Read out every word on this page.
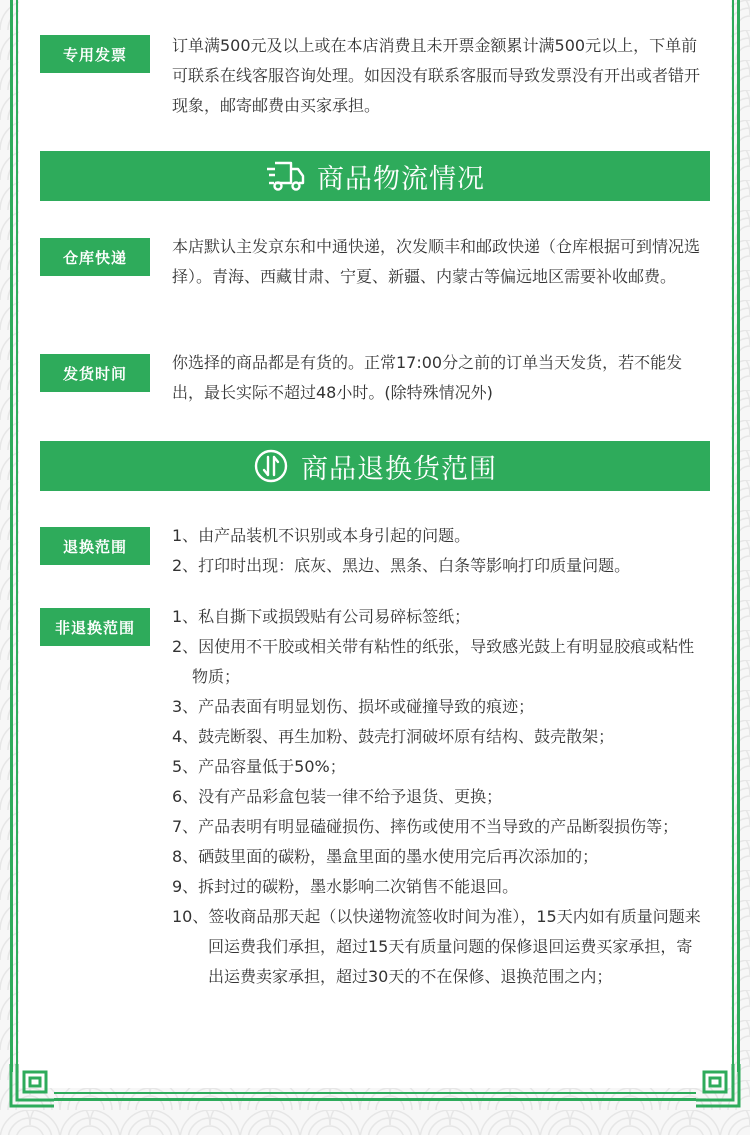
专用发票	订单满500元及以上或在本店消费且未开票金额累计满500元以上，下单前可联系在线客服咨询处理。如因没有联系客服而导致发票没有开出或者错开现象，邮寄邮费由买家承担。
商品物流情况
仓库快递
本店默认主发京东和中通快递，次发顺丰和邮政快递（仓库根据可到情况选择）。青海、西藏甘肃、宁夏、新疆、内蒙古等偏远地区需要补收邮费。
发货时间
你选择的商品都是有货的。正常17:00分之前的订单当天发货，若不能发出，最长实际不超过48小时。(除特殊情况外)
商品退换货范围
退换范围
1、由产品装机不识别或本身引起的问题。
2、打印时出现：底灰、黑边、黑条、白条等影响打印质量问题。
非退换范围
1、私自撕下或损毁贴有公司易碎标签纸；
2、因使用不干胶或相关带有粘性的纸张，导致感光鼓上有明显胶痕或粘性物质；
3、产品表面有明显划伤、损坏或碰撞导致的痕迹；
4、鼓壳断裂、再生加粉、鼓壳打洞破坏原有结构、鼓壳散架；
5、产品容量低于50%；
6、没有产品彩盒包装一律不给予退货、更换；
7、产品表明有明显磕碰损伤、摔伤或使用不当导致的产品断裂损伤等；
8、硒鼓里面的碳粉，墨盒里面的墨水使用完后再次添加的；
9、拆封过的碳粉，墨水影响二次销售不能退回。
10、签收商品那天起（以快递物流签收时间为准），15天内如有质量问题来回运费我们承担，超过15天有质量问题的保修退回运费买家承担，寄出运费卖家承担，超过30天的不在保修、退换范围之内；
